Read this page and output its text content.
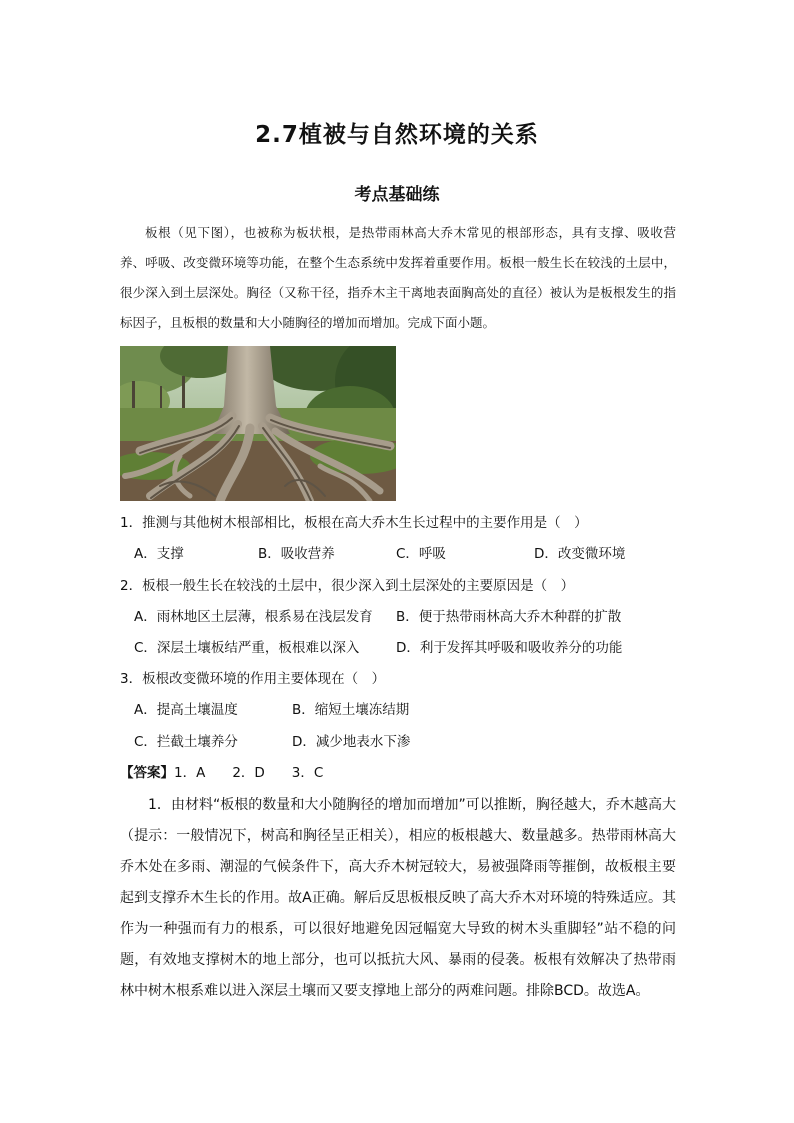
2.7植被与自然环境的关系
考点基础练

板根（见下图），也被称为板状根，是热带雨林高大乔木常见的根部形态，具有支撑、吸收营养、呼吸、改变微环境等功能，在整个生态系统中发挥着重要作用。板根一般生长在较浅的土层中，很少深入到土层深处。胸径（又称干径，指乔木主干离地表面胸高处的直径）被认为是板根发生的指标因子，且板根的数量和大小随胸径的增加而增加。完成下面小题。

1．推测与其他树木根部相比，板根在高大乔木生长过程中的主要作用是（　）
A．支撑	B．吸收营养	C．呼吸	D．改变微环境
2．板根一般生长在较浅的土层中，很少深入到土层深处的主要原因是（　）
A．雨林地区土层薄，根系易在浅层发育 B．便于热带雨林高大乔木种群的扩散
C．深层土壤板结严重，板根难以深入	D．利于发挥其呼吸和吸收养分的功能
3．板根改变微环境的作用主要体现在（　）
A．提高土壤温度	B．缩短土壤冻结期
C．拦截土壤养分	D．减少地表水下渗
【答案】1．A　　2．D　　3．C

1．由材料“板根的数量和大小随胸径的增加而增加”可以推断，胸径越大，乔木越高大（提示：一般情况下，树高和胸径呈正相关），相应的板根越大、数量越多。热带雨林高大乔木处在多雨、潮湿的气候条件下，高大乔木树冠较大，易被强降雨等摧倒，故板根主要起到支撑乔木生长的作用。故A正确。解后反思板根反映了高大乔木对环境的特殊适应。其作为一种强而有力的根系，可以很好地避免因冠幅宽大导致的树木头重脚轻”站不稳的问题，有效地支撑树木的地上部分，也可以抵抗大风、暴雨的侵袭。板根有效解决了热带雨林中树木根系难以进入深层土壤而又要支撑地上部分的两难问题。排除BCD。故选A。
